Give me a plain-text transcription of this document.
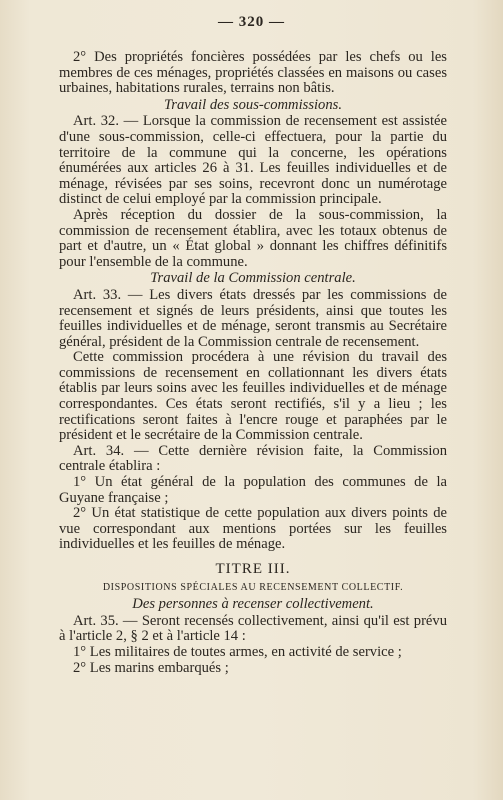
— 320 —

2° Des propriétés foncières possédées par les chefs ou les membres de ces ménages, propriétés classées en maisons ou cases urbaines, habitations rurales, terrains non bâtis.

Travail des sous-commissions.

Art. 32. — Lorsque la commission de recensement est assistée d'une sous-commission, celle-ci effectuera, pour la partie du territoire de la commune qui la concerne, les opérations énumérées aux articles 26 à 31. Les feuilles individuelles et de ménage, révisées par ses soins, recevront donc un numérotage distinct de celui employé par la commission principale.

Après réception du dossier de la sous-commission, la commission de recensement établira, avec les totaux obtenus de part et d'autre, un « État global » donnant les chiffres définitifs pour l'ensemble de la commune.

Travail de la Commission centrale.

Art. 33. — Les divers états dressés par les commissions de recensement et signés de leurs présidents, ainsi que toutes les feuilles individuelles et de ménage, seront transmis au Secrétaire général, président de la Commission centrale de recensement.

Cette commission procédera à une révision du travail des commissions de recensement en collationnant les divers états établis par leurs soins avec les feuilles individuelles et de ménage correspondantes. Ces états seront rectifiés, s'il y a lieu ; les rectifications seront faites à l'encre rouge et paraphées par le président et le secrétaire de la Commission centrale.

Art. 34. — Cette dernière révision faite, la Commission centrale établira :

1° Un état général de la population des communes de la Guyane française ;

2° Un état statistique de cette population aux divers points de vue correspondant aux mentions portées sur les feuilles individuelles et les feuilles de ménage.

TITRE III.
DISPOSITIONS SPÉCIALES AU RECENSEMENT COLLECTIF.
Des personnes à recenser collectivement.

Art. 35. — Seront recensés collectivement, ainsi qu'il est prévu à l'article 2, § 2 et à l'article 14 :

1° Les militaires de toutes armes, en activité de service ;

2° Les marins embarqués ;
